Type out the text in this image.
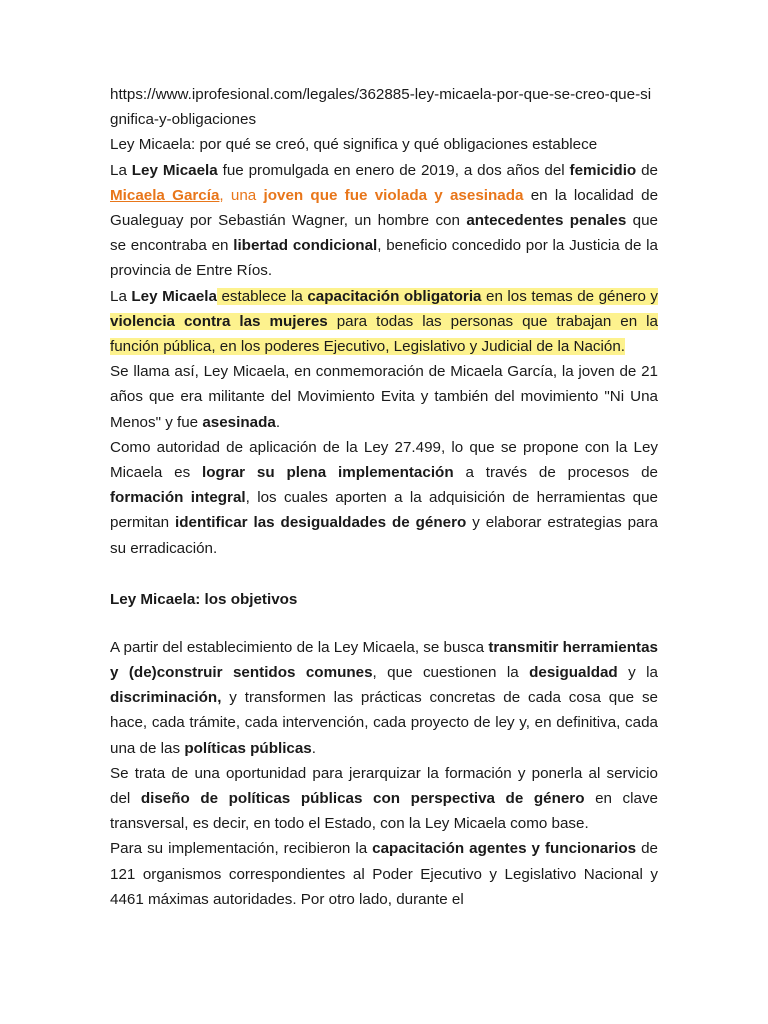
https://www.iprofesional.com/legales/362885-ley-micaela-por-que-se-creo-que-significa-y-obligaciones

Ley Micaela: por qué se creó, qué significa y qué obligaciones establece

La Ley Micaela fue promulgada en enero de 2019, a dos años del femicidio de Micaela García, una joven que fue violada y asesinada en la localidad de Gualeguay por Sebastián Wagner, un hombre con antecedentes penales que se encontraba en libertad condicional, beneficio concedido por la Justicia de la provincia de Entre Ríos.

La Ley Micaela establece la capacitación obligatoria en los temas de género y violencia contra las mujeres para todas las personas que trabajan en la función pública, en los poderes Ejecutivo, Legislativo y Judicial de la Nación.

Se llama así, Ley Micaela, en conmemoración de Micaela García, la joven de 21 años que era militante del Movimiento Evita y también del movimiento "Ni Una Menos" y fue asesinada.

Como autoridad de aplicación de la Ley 27.499, lo que se propone con la Ley Micaela es lograr su plena implementación a través de procesos de formación integral, los cuales aporten a la adquisición de herramientas que permitan identificar las desigualdades de género y elaborar estrategias para su erradicación.

Ley Micaela: los objetivos

A partir del establecimiento de la Ley Micaela, se busca transmitir herramientas y (de)construir sentidos comunes, que cuestionen la desigualdad y la discriminación, y transformen las prácticas concretas de cada cosa que se hace, cada trámite, cada intervención, cada proyecto de ley y, en definitiva, cada una de las políticas públicas.

Se trata de una oportunidad para jerarquizar la formación y ponerla al servicio del diseño de políticas públicas con perspectiva de género en clave transversal, es decir, en todo el Estado, con la Ley Micaela como base.

Para su implementación, recibieron la capacitación agentes y funcionarios de 121 organismos correspondientes al Poder Ejecutivo y Legislativo Nacional y 4461 máximas autoridades. Por otro lado, durante el
